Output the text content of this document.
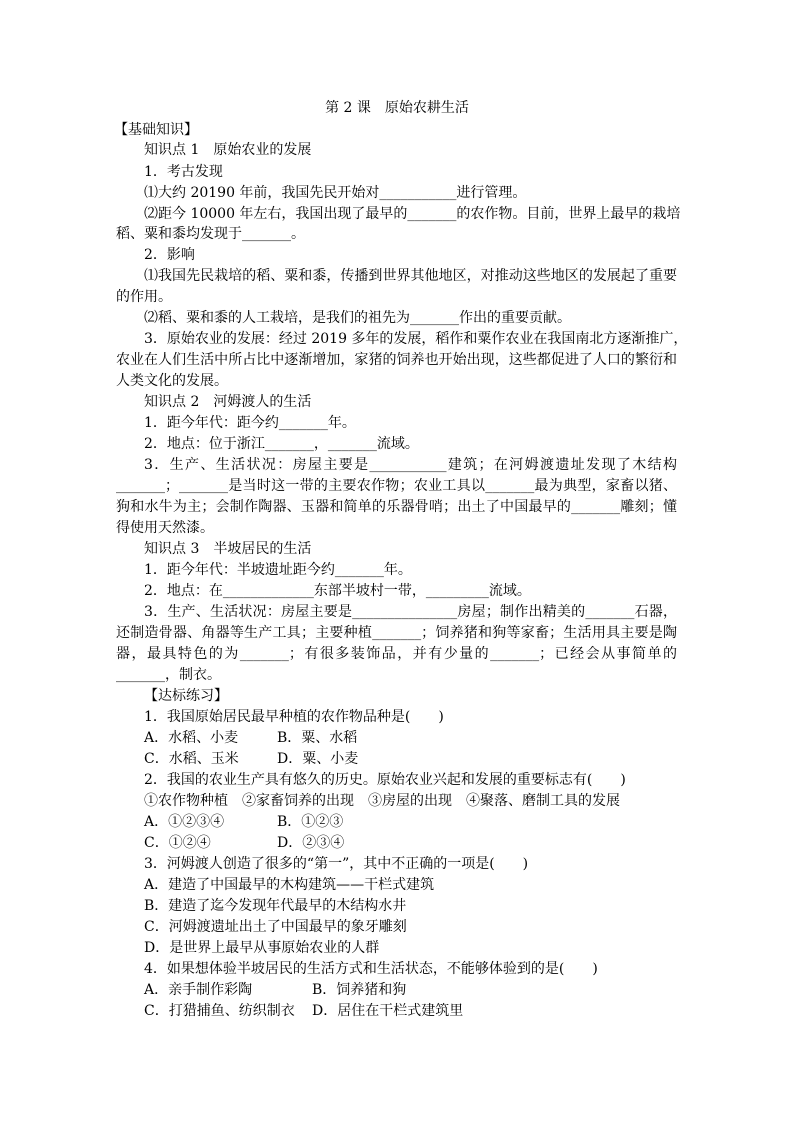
第 2 课　原始农耕生活
【基础知识】
知识点 1　原始农业的发展
1．考古发现
⑴大约 20190 年前，我国先民开始对___________进行管理。
⑵距今 10000 年左右，我国出现了最早的_______的农作物。目前，世界上最早的栽培
稻、粟和黍均发现于_______。
2．影响
⑴我国先民栽培的稻、粟和黍，传播到世界其他地区，对推动这些地区的发展起了重要
的作用。
⑵稻、粟和黍的人工栽培，是我们的祖先为_______作出的重要贡献。
3．原始农业的发展：经过 2019 多年的发展，稻作和粟作农业在我国南北方逐渐推广，
农业在人们生活中所占比中逐渐增加，家猪的饲养也开始出现，这些都促进了人口的繁衍和
人类文化的发展。
知识点 2　河姆渡人的生活
1．距今年代：距今约_______年。
2．地点：位于浙江_______，_______流域。
3．生产、生活状况：房屋主要是___________建筑；在河姆渡遗址发现了木结构
_______；_______是当时这一带的主要农作物；农业工具以_______最为典型，家畜以猪、
狗和水牛为主；会制作陶器、玉器和简单的乐器骨哨；出土了中国最早的_______雕刻；懂
得使用天然漆。
知识点 3　半坡居民的生活
1．距今年代：半坡遗址距今约_______年。
2．地点：在_____________东部半坡村一带，_________流域。
3．生产、生活状况：房屋主要是_______________房屋；制作出精美的_______石器，
还制造骨器、角器等生产工具；主要种植_______；饲养猪和狗等家畜；生活用具主要是陶
器，最具特色的为_______；有很多装饰品，并有少量的_______；已经会从事简单的
_______，制衣。
【达标练习】
1．我国原始居民最早种植的农作物品种是(　　)
A．水稻、小麦	B．粟、水稻
C．水稻、玉米	D．粟、小麦
2．我国的农业生产具有悠久的历史。原始农业兴起和发展的重要标志有(　　)
①农作物种植　②家畜饲养的出现　③房屋的出现　④聚落、磨制工具的发展
A．①②③④	B．①②③
C．①②④	D．②③④
3．河姆渡人创造了很多的“第一”，其中不正确的一项是(　　)
A．建造了中国最早的木构建筑——干栏式建筑
B．建造了迄今发现年代最早的木结构水井
C．河姆渡遗址出土了中国最早的象牙雕刻
D．是世界上最早从事原始农业的人群
4．如果想体验半坡居民的生活方式和生活状态，不能够体验到的是(　　)
A．亲手制作彩陶	B．饲养猪和狗
C．打猎捕鱼、纺织制衣 D．居住在干栏式建筑里
